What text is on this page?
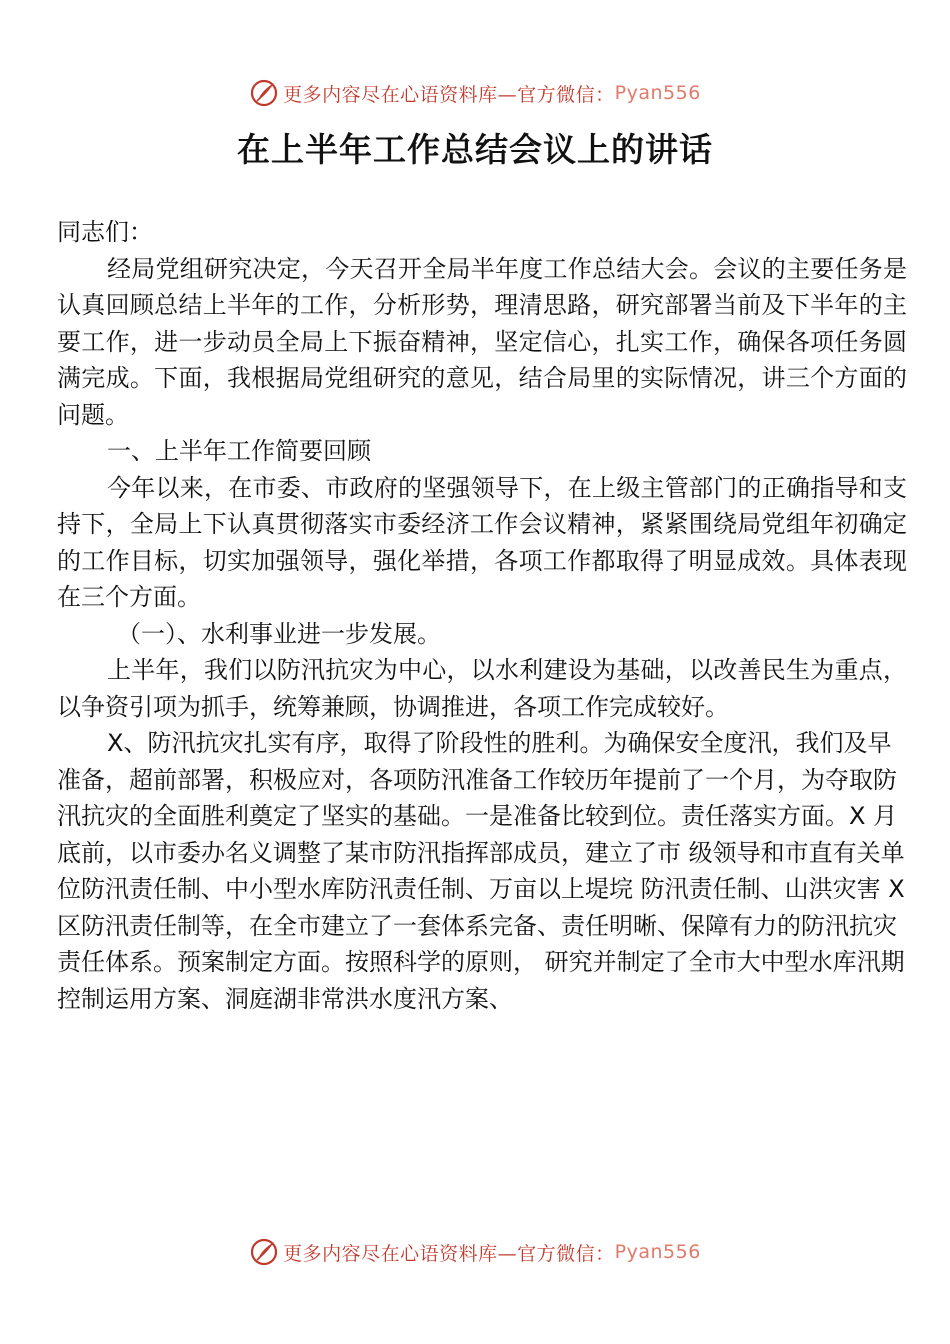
更多内容尽在心语资料库—官方微信： Pyan556
在上半年工作总结会议上的讲话

同志们：

经局党组研究决定，今天召开全局半年度工作总结大会。会议的主要任务是认真回顾总结上半年的工作，分析形势，理清思路，研究部署当前及下半年的主要工作，进一步动员全局上下振奋精神，坚定信心，扎实工作，确保各项任务圆满完成。下面，我根据局党组研究的意见，结合局里的实际情况，讲三个方面的问题。

一、上半年工作简要回顾

今年以来，在市委、市政府的坚强领导下，在上级主管部门的正确指导和支持下，全局上下认真贯彻落实市委经济工作会议精神，紧紧围绕局党组年初确定的工作目标，切实加强领导，强化举措，各项工作都取得了明显成效。具体表现在三个方面。

（一）、水利事业进一步发展。

上半年，我们以防汛抗灾为中心，以水利建设为基础，以改善民生为重点，以争资引项为抓手，统筹兼顾，协调推进，各项工作完成较好。

X、防汛抗灾扎实有序，取得了阶段性的胜利。为确保安全度汛，我们及早准备，超前部署，积极应对，各项防汛准备工作较历年提前了一个月，为夺取防汛抗灾的全面胜利奠定了坚实的基础。一是准备比较到位。责任落实方面。X 月底前，以市委办名义调整了某市防汛指挥部成员，建立了市 级领导和市直有关单位防汛责任制、中小型水库防汛责任制、万亩以上堤垸 防汛责任制、山洪灾害 X 区防汛责任制等，在全市建立了一套体系完备、责任明晰、保障有力的防汛抗灾责任体系。预案制定方面。按照科学的原则， 研究并制定了全市大中型水库汛期控制运用方案、洞庭湖非常洪水度汛方案、

更多内容尽在心语资料库—官方微信： Pyan556
